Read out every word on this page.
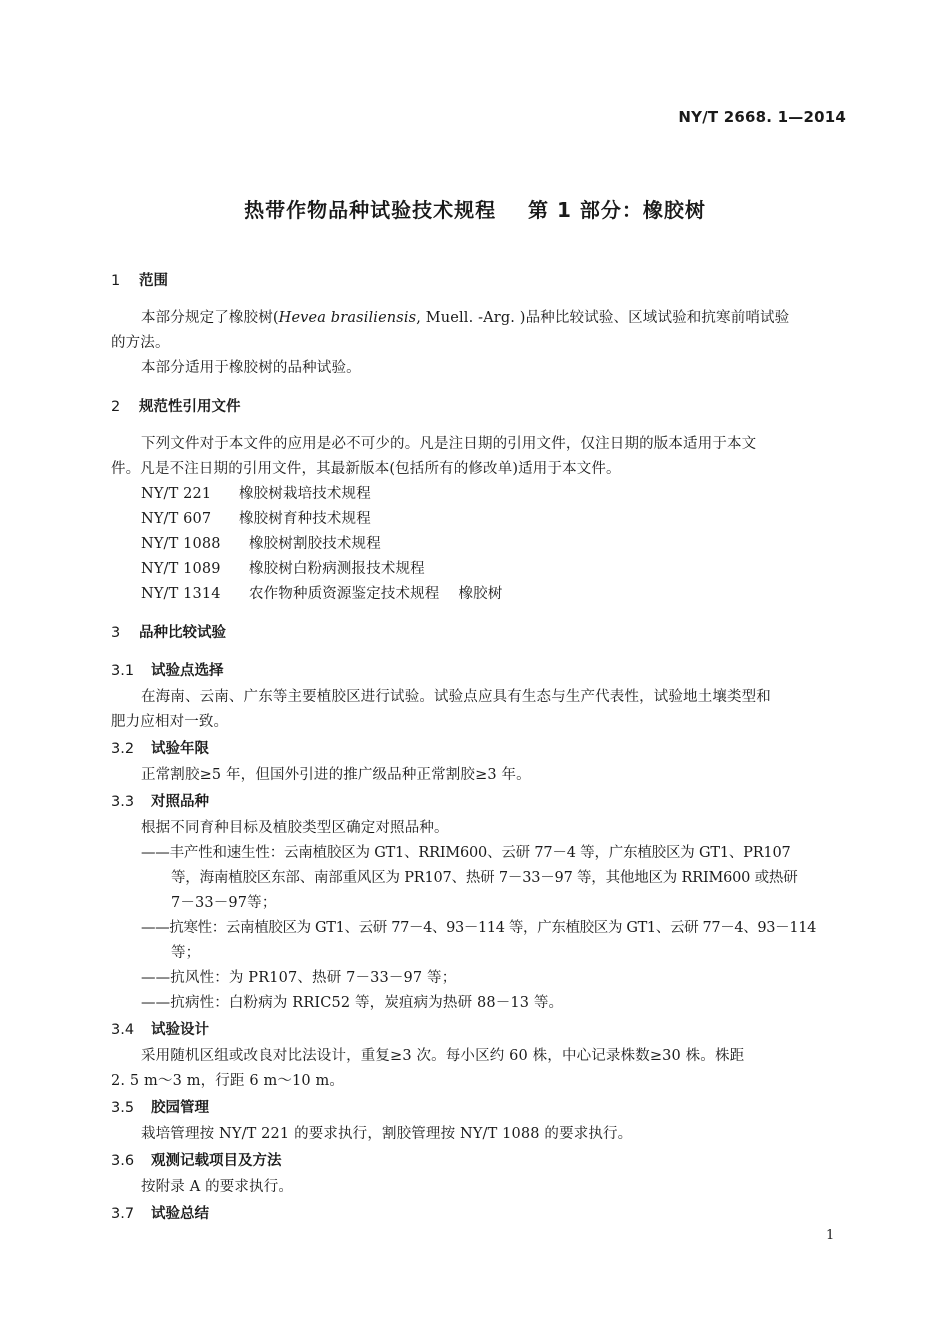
NY/T 2668. 1—2014
热带作物品种试验技术规程    第 1 部分：橡胶树
1 范围
本部分规定了橡胶树(Hevea brasiliensis, Muell. -Arg. )品种比较试验、区域试验和抗寒前哨试验
的方法。
本部分适用于橡胶树的品种试验。
2 规范性引用文件
下列文件对于本文件的应用是必不可少的。凡是注日期的引用文件，仅注日期的版本适用于本文
件。凡是不注日期的引用文件，其最新版本(包括所有的修改单)适用于本文件。
NY/T 221 橡胶树栽培技术规程
NY/T 607 橡胶树育种技术规程
NY/T 1088 橡胶树割胶技术规程
NY/T 1089 橡胶树白粉病测报技术规程
NY/T 1314 农作物种质资源鉴定技术规程    橡胶树
3 品种比较试验
3.1 试验点选择
在海南、云南、广东等主要植胶区进行试验。试验点应具有生态与生产代表性，试验地土壤类型和
肥力应相对一致。
3.2 试验年限
正常割胶≥5 年，但国外引进的推广级品种正常割胶≥3 年。
3.3 对照品种
根据不同育种目标及植胶类型区确定对照品种。
——丰产性和速生性：云南植胶区为 GT1、RRIM600、云研 77－4 等，广东植胶区为 GT1、PR107
等，海南植胶区东部、南部重风区为 PR107、热研 7－33－97 等，其他地区为 RRIM600 或热研
7－33－97等；
——抗寒性：云南植胶区为 GT1、云研 77－4、93－114 等，广东植胶区为 GT1、云研 77－4、93－114
等；
——抗风性：为 PR107、热研 7－33－97 等；
——抗病性：白粉病为 RRIC52 等，炭疽病为热研 88－13 等。
3.4 试验设计
采用随机区组或改良对比法设计，重复≥3 次。每小区约 60 株，中心记录株数≥30 株。株距
2. 5 m～3 m，行距 6 m～10 m。
3.5 胶园管理
栽培管理按 NY/T 221 的要求执行，割胶管理按 NY/T 1088 的要求执行。
3.6 观测记载项目及方法
按附录 A 的要求执行。
3.7 试验总结
1
